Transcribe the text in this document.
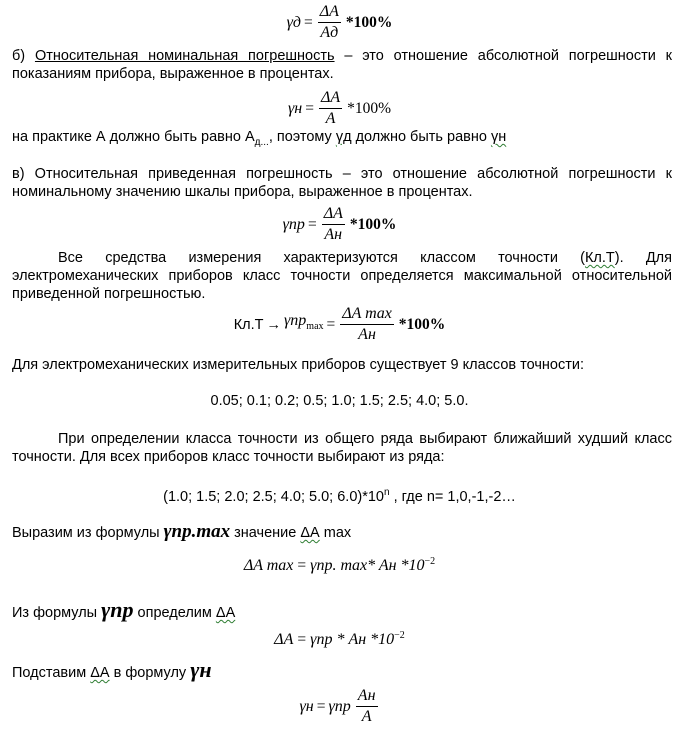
$\gamma д = \frac{\Delta A}{Aд} *100\%$
б) Относительная номинальная погрешность – это отношение абсолютной погрешности к показаниям прибора, выраженное в процентах.
$\gamma н = \frac{\Delta A}{A} *100\%$
на практике А должно быть равно $А_{д...}$, поэтому γд должно быть равно γн
в) Относительная приведенная погрешность – это отношение абсолютной погрешности к номинальному значению шкалы прибора, выраженное в процентах.
$\gamma пр = \frac{\Delta A}{Aн} *100\%$
Все средства измерения характеризуются классом точности (Кл.Т). Для электромеханических приборов класс точности определяется максимальной относительной приведенной погрешностью.
$Кл.Т \to \gamma пр_{max} = \frac{\text{ΔA max}}{Aн} *100\%$
Для электромеханических измерительных приборов существует 9 классов точности:
0.05; 0.1; 0.2; 0.5; 1.0; 1.5; 2.5; 4.0; 5.0.
При определении класса точности из общего ряда выбирают ближайший худший класс точности. Для всех приборов класс точности выбирают из ряда:
(1.0; 1.5; 2.0; 2.5; 4.0; 5.0; 6.0)*10$^n$ , где n= 1,0,-1,-2…
Выразим из формулы γпр.max значение ΔА max
ΔA max = γпр. max* Aн $*10^{-2}$
Из формулы γпр определим ΔА
ΔA = γпр * Aн $*10^{-2}$
Подставим ΔА в формулу γн
γн = γпр $\frac{Aн}{A}$
